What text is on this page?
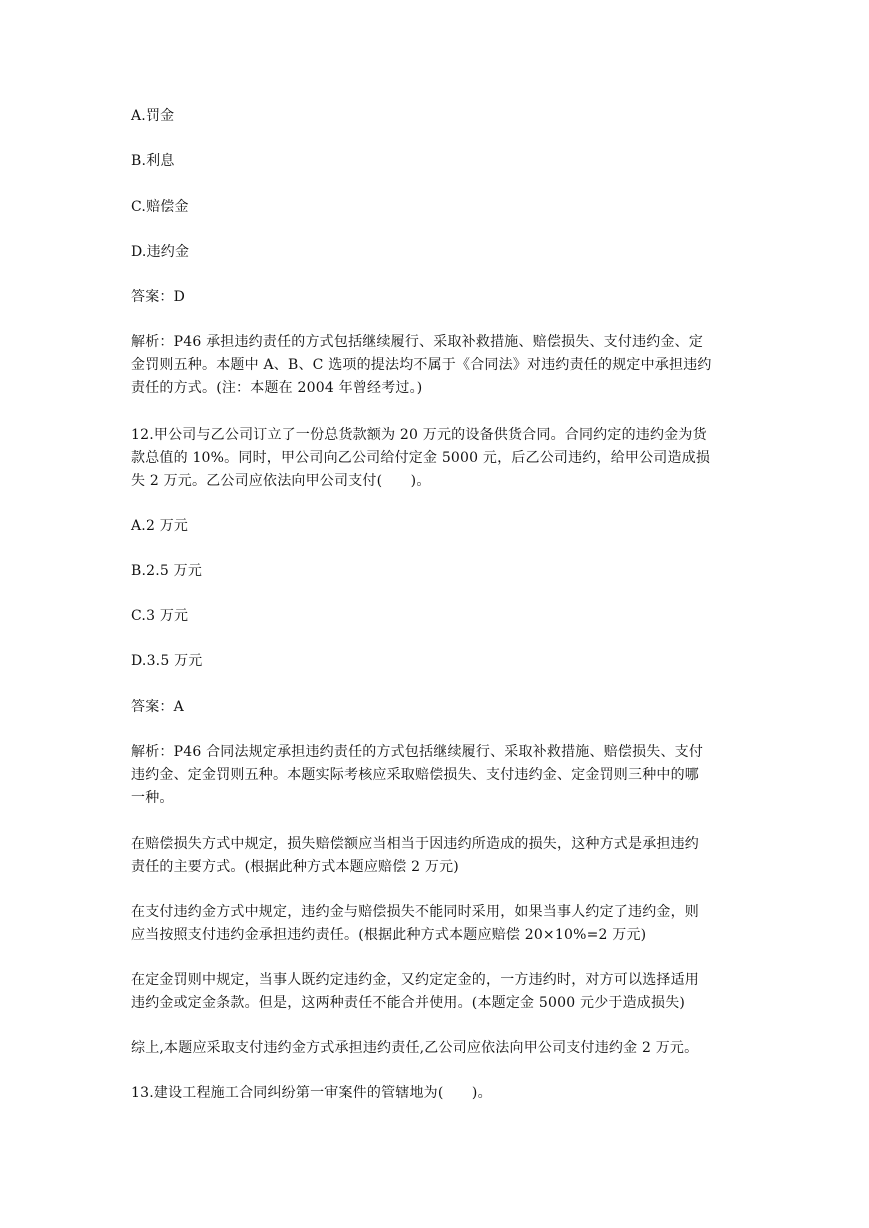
A.罚金
B.利息
C.赔偿金
D.违约金
答案：D
解析：P46 承担违约责任的方式包括继续履行、采取补救措施、赔偿损失、支付违约金、定
金罚则五种。本题中 A、B、C 选项的提法均不属于《合同法》对违约责任的规定中承担违约
责任的方式。(注：本题在 2004 年曾经考过。)
12.甲公司与乙公司订立了一份总货款额为 20 万元的设备供货合同。合同约定的违约金为货
款总值的 10%。同时，甲公司向乙公司给付定金 5000 元，后乙公司违约，给甲公司造成损
失 2 万元。乙公司应依法向甲公司支付(　　)。
A.2 万元
B.2.5 万元
C.3 万元
D.3.5 万元
答案：A
解析：P46 合同法规定承担违约责任的方式包括继续履行、采取补救措施、赔偿损失、支付
违约金、定金罚则五种。本题实际考核应采取赔偿损失、支付违约金、定金罚则三种中的哪
一种。
在赔偿损失方式中规定，损失赔偿额应当相当于因违约所造成的损失，这种方式是承担违约
责任的主要方式。(根据此种方式本题应赔偿 2 万元)
在支付违约金方式中规定，违约金与赔偿损失不能同时采用，如果当事人约定了违约金，则
应当按照支付违约金承担违约责任。(根据此种方式本题应赔偿 20×10%=2 万元)
在定金罚则中规定，当事人既约定违约金，又约定定金的，一方违约时，对方可以选择适用
违约金或定金条款。但是，这两种责任不能合并使用。(本题定金 5000 元少于造成损失)
综上,本题应采取支付违约金方式承担违约责任,乙公司应依法向甲公司支付违约金 2 万元。
13.建设工程施工合同纠纷第一审案件的管辖地为(　　)。
